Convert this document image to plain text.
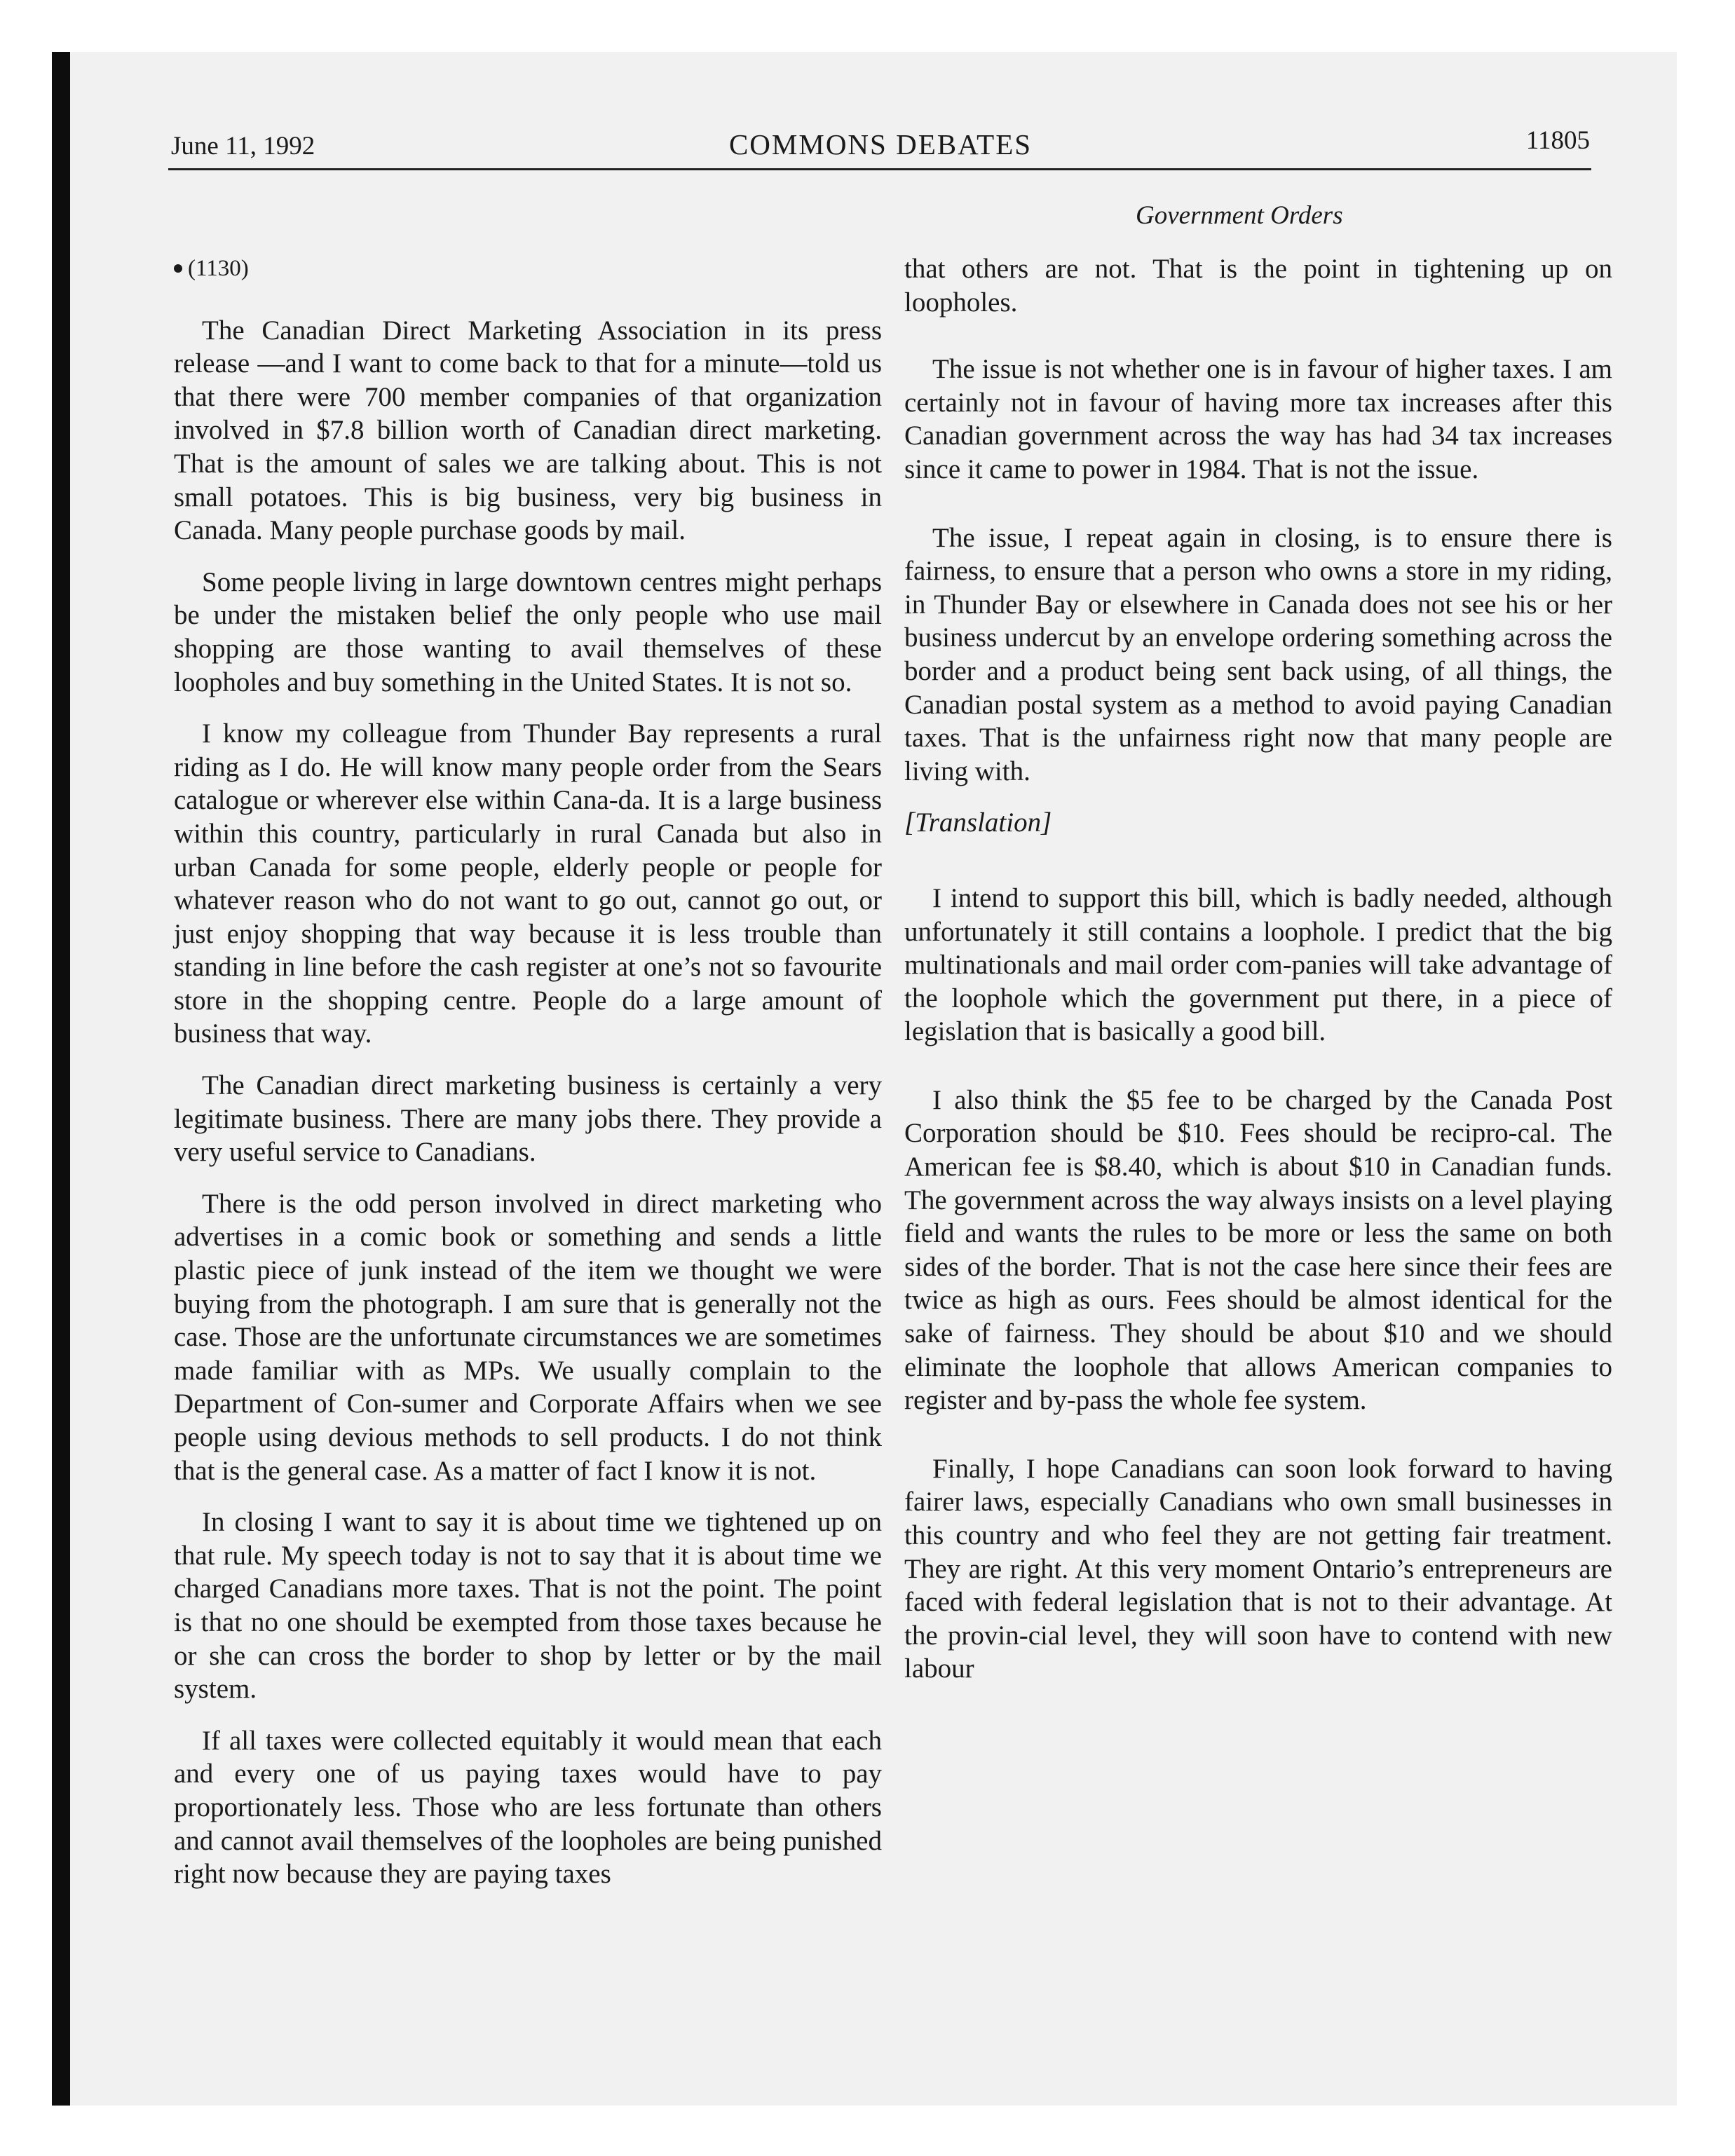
June 11, 1992	COMMONS DEBATES	11805
Government Orders
(1130)

The Canadian Direct Marketing Association in its press release —and I want to come back to that for a minute—told us that there were 700 member companies of that organization involved in $7.8 billion worth of Canadian direct marketing. That is the amount of sales we are talking about. This is not small potatoes. This is big business, very big business in Canada. Many people purchase goods by mail.

Some people living in large downtown centres might perhaps be under the mistaken belief the only people who use mail shopping are those wanting to avail themselves of these loopholes and buy something in the United States. It is not so.

I know my colleague from Thunder Bay represents a rural riding as I do. He will know many people order from the Sears catalogue or wherever else within Cana-da. It is a large business within this country, particularly in rural Canada but also in urban Canada for some people, elderly people or people for whatever reason who do not want to go out, cannot go out, or just enjoy shopping that way because it is less trouble than standing in line before the cash register at one’s not so favourite store in the shopping centre. People do a large amount of business that way.

The Canadian direct marketing business is certainly a very legitimate business. There are many jobs there. They provide a very useful service to Canadians.

There is the odd person involved in direct marketing who advertises in a comic book or something and sends a little plastic piece of junk instead of the item we thought we were buying from the photograph. I am sure that is generally not the case. Those are the unfortunate circumstances we are sometimes made familiar with as MPs. We usually complain to the Department of Con-sumer and Corporate Affairs when we see people using devious methods to sell products. I do not think that is the general case. As a matter of fact I know it is not.

In closing I want to say it is about time we tightened up on that rule. My speech today is not to say that it is about time we charged Canadians more taxes. That is not the point. The point is that no one should be exempted from those taxes because he or she can cross the border to shop by letter or by the mail system.

If all taxes were collected equitably it would mean that each and every one of us paying taxes would have to pay proportionately less. Those who are less fortunate than others and cannot avail themselves of the loopholes are being punished right now because they are paying taxes

that others are not. That is the point in tightening up on loopholes.

The issue is not whether one is in favour of higher taxes. I am certainly not in favour of having more tax increases after this Canadian government across the way has had 34 tax increases since it came to power in 1984. That is not the issue.

The issue, I repeat again in closing, is to ensure there is fairness, to ensure that a person who owns a store in my riding, in Thunder Bay or elsewhere in Canada does not see his or her business undercut by an envelope ordering something across the border and a product being sent back using, of all things, the Canadian postal system as a method to avoid paying Canadian taxes. That is the unfairness right now that many people are living with.

[Translation]

I intend to support this bill, which is badly needed, although unfortunately it still contains a loophole. I predict that the big multinationals and mail order com-panies will take advantage of the loophole which the government put there, in a piece of legislation that is basically a good bill.

I also think the $5 fee to be charged by the Canada Post Corporation should be $10. Fees should be recipro-cal. The American fee is $8.40, which is about $10 in Canadian funds. The government across the way always insists on a level playing field and wants the rules to be more or less the same on both sides of the border. That is not the case here since their fees are twice as high as ours. Fees should be almost identical for the sake of fairness. They should be about $10 and we should eliminate the loophole that allows American companies to register and by-pass the whole fee system.

Finally, I hope Canadians can soon look forward to having fairer laws, especially Canadians who own small businesses in this country and who feel they are not getting fair treatment. They are right. At this very moment Ontario’s entrepreneurs are faced with federal legislation that is not to their advantage. At the provin-cial level, they will soon have to contend with new labour
